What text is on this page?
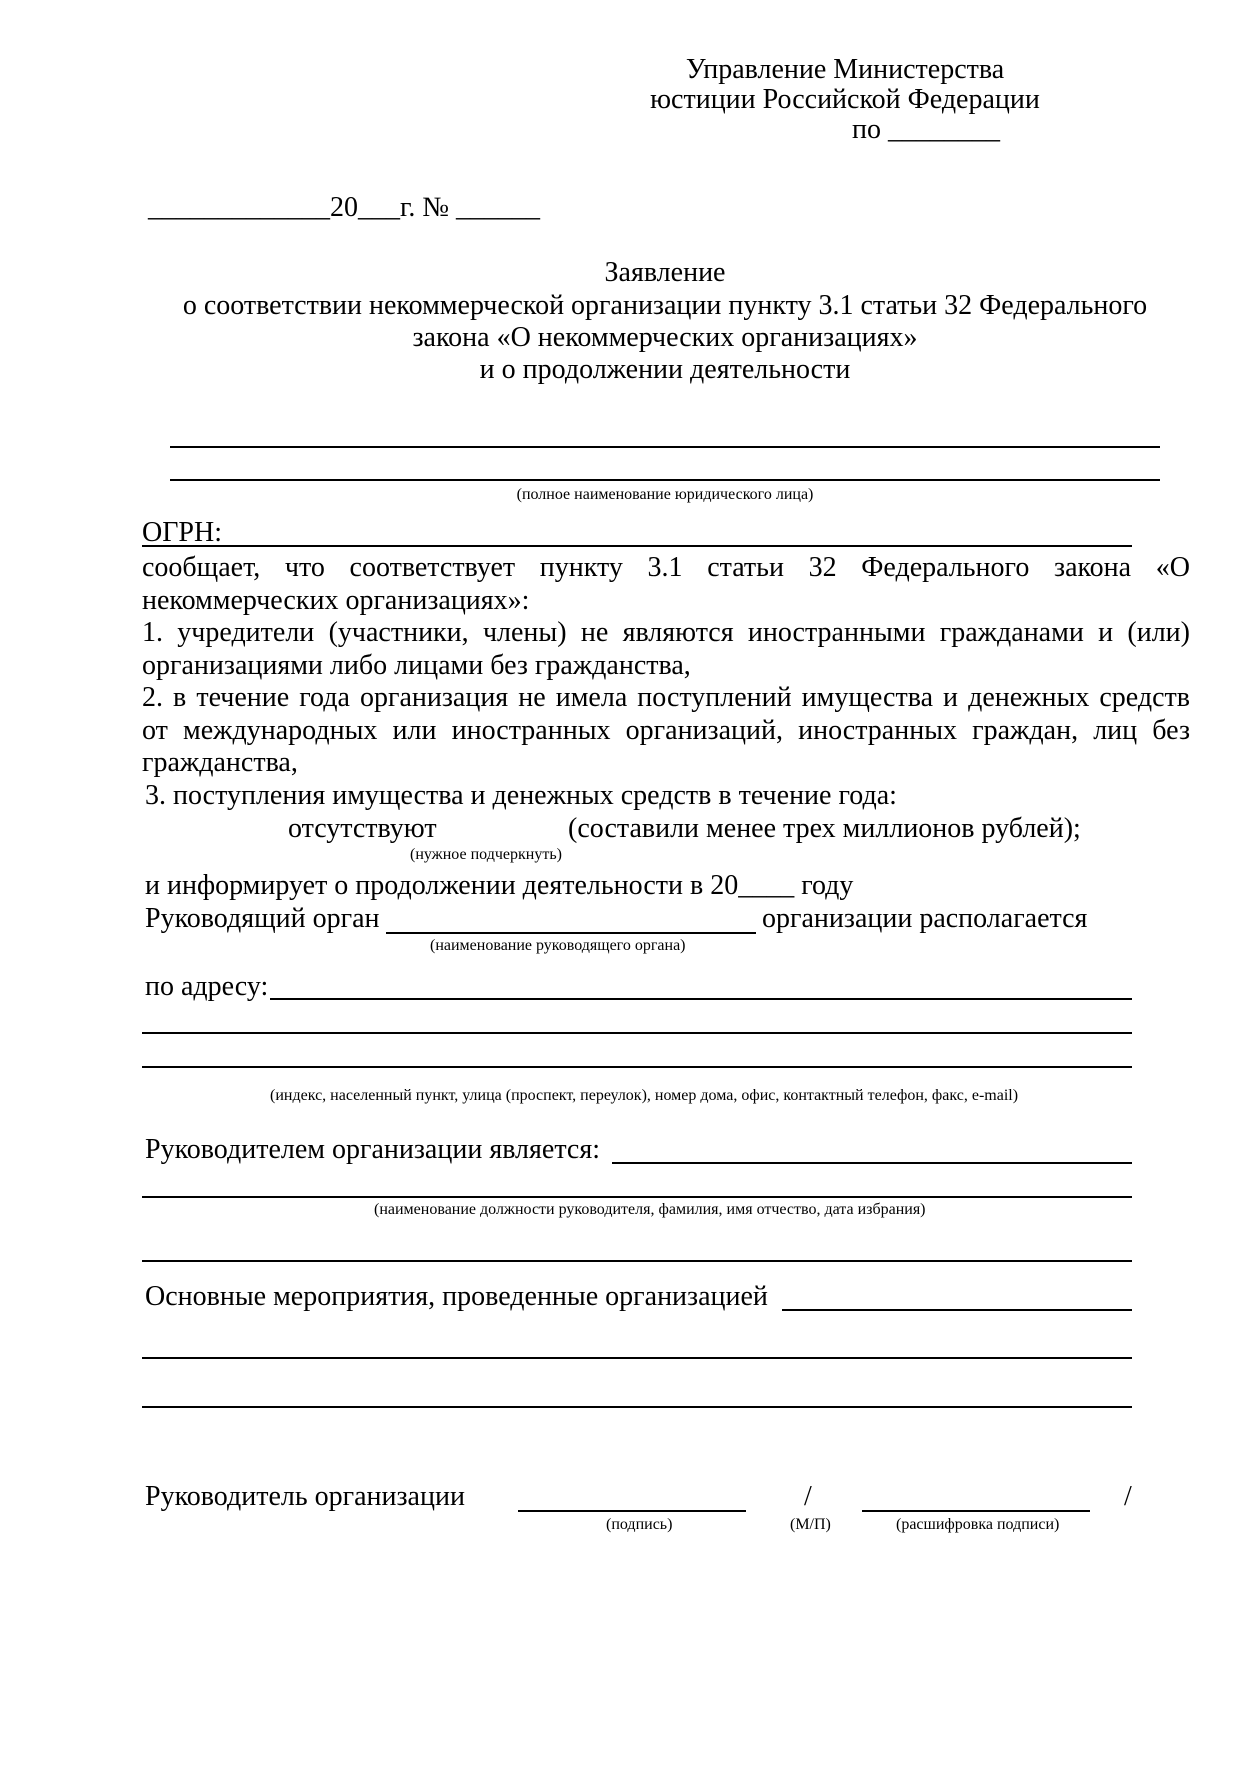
Управление Министерства
юстиции Российской Федерации
по ________
_____________20___г. № ______
Заявление
о соответствии некоммерческой организации пункту 3.1 статьи 32 Федерального
закона «О некоммерческих организациях»
и о продолжении деятельности
(полное наименование юридического лица)
ОГРН:
сообщает, что соответствует пункту 3.1 статьи 32 Федерального закона «О
некоммерческих организациях»:
1. учредители (участники, члены) не являются иностранными гражданами и (или)
организациями либо лицами без гражданства,
2. в течение года организация не имела поступлений имущества и денежных средств
от международных или иностранных организаций, иностранных граждан, лиц без
гражданства,
3. поступления имущества и денежных средств в течение года:
отсутствуют	(составили менее трех миллионов рублей);
(нужное подчеркнуть)
и информирует о продолжении деятельности в 20____ году
Руководящий орган	организации располагается
(наименование руководящего органа)
по адресу:
(индекс, населенный пункт, улица (проспект, переулок), номер дома, офис, контактный телефон, факс, e-mail)
Руководителем организации является:
(наименование должности руководителя, фамилия, имя отчество, дата избрания)
Основные мероприятия, проведенные организацией
Руководитель организации	/	/
(подпись)	(М/П)	(расшифровка подписи)
